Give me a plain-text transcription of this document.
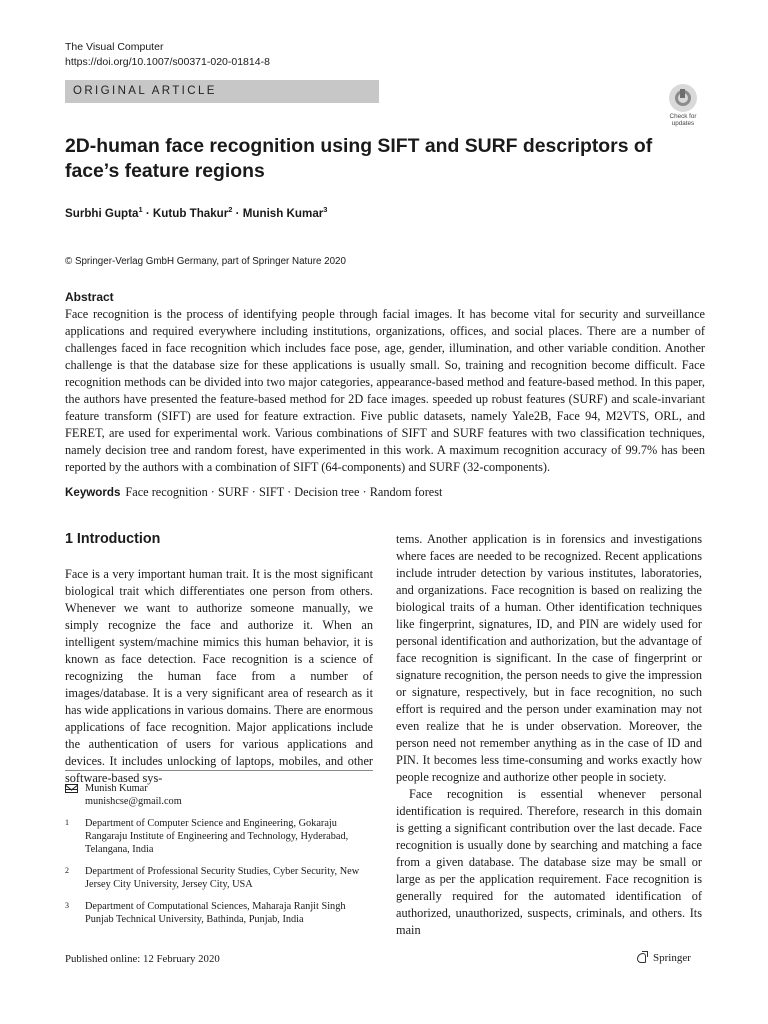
The Visual Computer
https://doi.org/10.1007/s00371-020-01814-8
ORIGINAL ARTICLE
Check for
updates
2D-human face recognition using SIFT and SURF descriptors of face’s feature regions
Surbhi Gupta$^1$ · Kutub Thakur$^2$ · Munish Kumar$^3$
© Springer-Verlag GmbH Germany, part of Springer Nature 2020
Abstract
Face recognition is the process of identifying people through facial images. It has become vital for security and surveillance applications and required everywhere including institutions, organizations, offices, and social places. There are a number of challenges faced in face recognition which includes face pose, age, gender, illumination, and other variable condition. Another challenge is that the database size for these applications is usually small. So, training and recognition become difficult. Face recognition methods can be divided into two major categories, appearance-based method and feature-based method. In this paper, the authors have presented the feature-based method for 2D face images. speeded up robust features (SURF) and scale-invariant feature transform (SIFT) are used for feature extraction. Five public datasets, namely Yale2B, Face 94, M2VTS, ORL, and FERET, are used for experimental work. Various combinations of SIFT and SURF features with two classification techniques, namely decision tree and random forest, have experimented in this work. A maximum recognition accuracy of 99.7% has been reported by the authors with a combination of SIFT (64-components) and SURF (32-components).
Keywords Face recognition · SURF · SIFT · Decision tree · Random forest
1 Introduction

Face is a very important human trait. It is the most significant biological trait which differentiates one person from others. Whenever we want to authorize someone manually, we simply recognize the face and authorize it. When an intelligent system/machine mimics this human behavior, it is known as face detection. Face recognition is a science of recognizing the human face from a number of images/database. It is a very significant area of research as it has wide applications in various domains. There are enormous applications of face recognition. Major applications include the authentication of users for various applications and devices. It includes unlocking of laptops, mobiles, and other software-based sys-

tems. Another application is in forensics and investigations where faces are needed to be recognized. Recent applications include intruder detection by various institutes, laboratories, and organizations. Face recognition is based on realizing the biological traits of a human. Other identification techniques like fingerprint, signatures, ID, and PIN are widely used for personal identification and authorization, but the advantage of face recognition is significant. In the case of fingerprint or signature recognition, the person needs to give the impression or signature, respectively, but in face recognition, no such effort is required and the person under examination may not even realize that he is under observation. Moreover, the person need not remember anything as in the case of ID and PIN. It becomes less time-consuming and works exactly how people recognize and authorize other people in society.

Face recognition is essential whenever personal identification is required. Therefore, research in this domain is getting a significant contribution over the last decade. Face recognition is usually done by searching and matching a face from a given database. The database size may be small or large as per the application requirement. Face recognition is generally required for the automated identification of authorized, unauthorized, suspects, criminals, and others. Its main

Munish Kumar
munishcse@gmail.com
1	Department of Computer Science and Engineering, Gokaraju Rangaraju Institute of Engineering and Technology, Hyderabad, Telangana, India
2	Department of Professional Security Studies, Cyber Security, New Jersey City University, Jersey City, USA
3	Department of Computational Sciences, Maharaja Ranjit Singh Punjab Technical University, Bathinda, Punjab, India
Published online: 12 February 2020	Springer
